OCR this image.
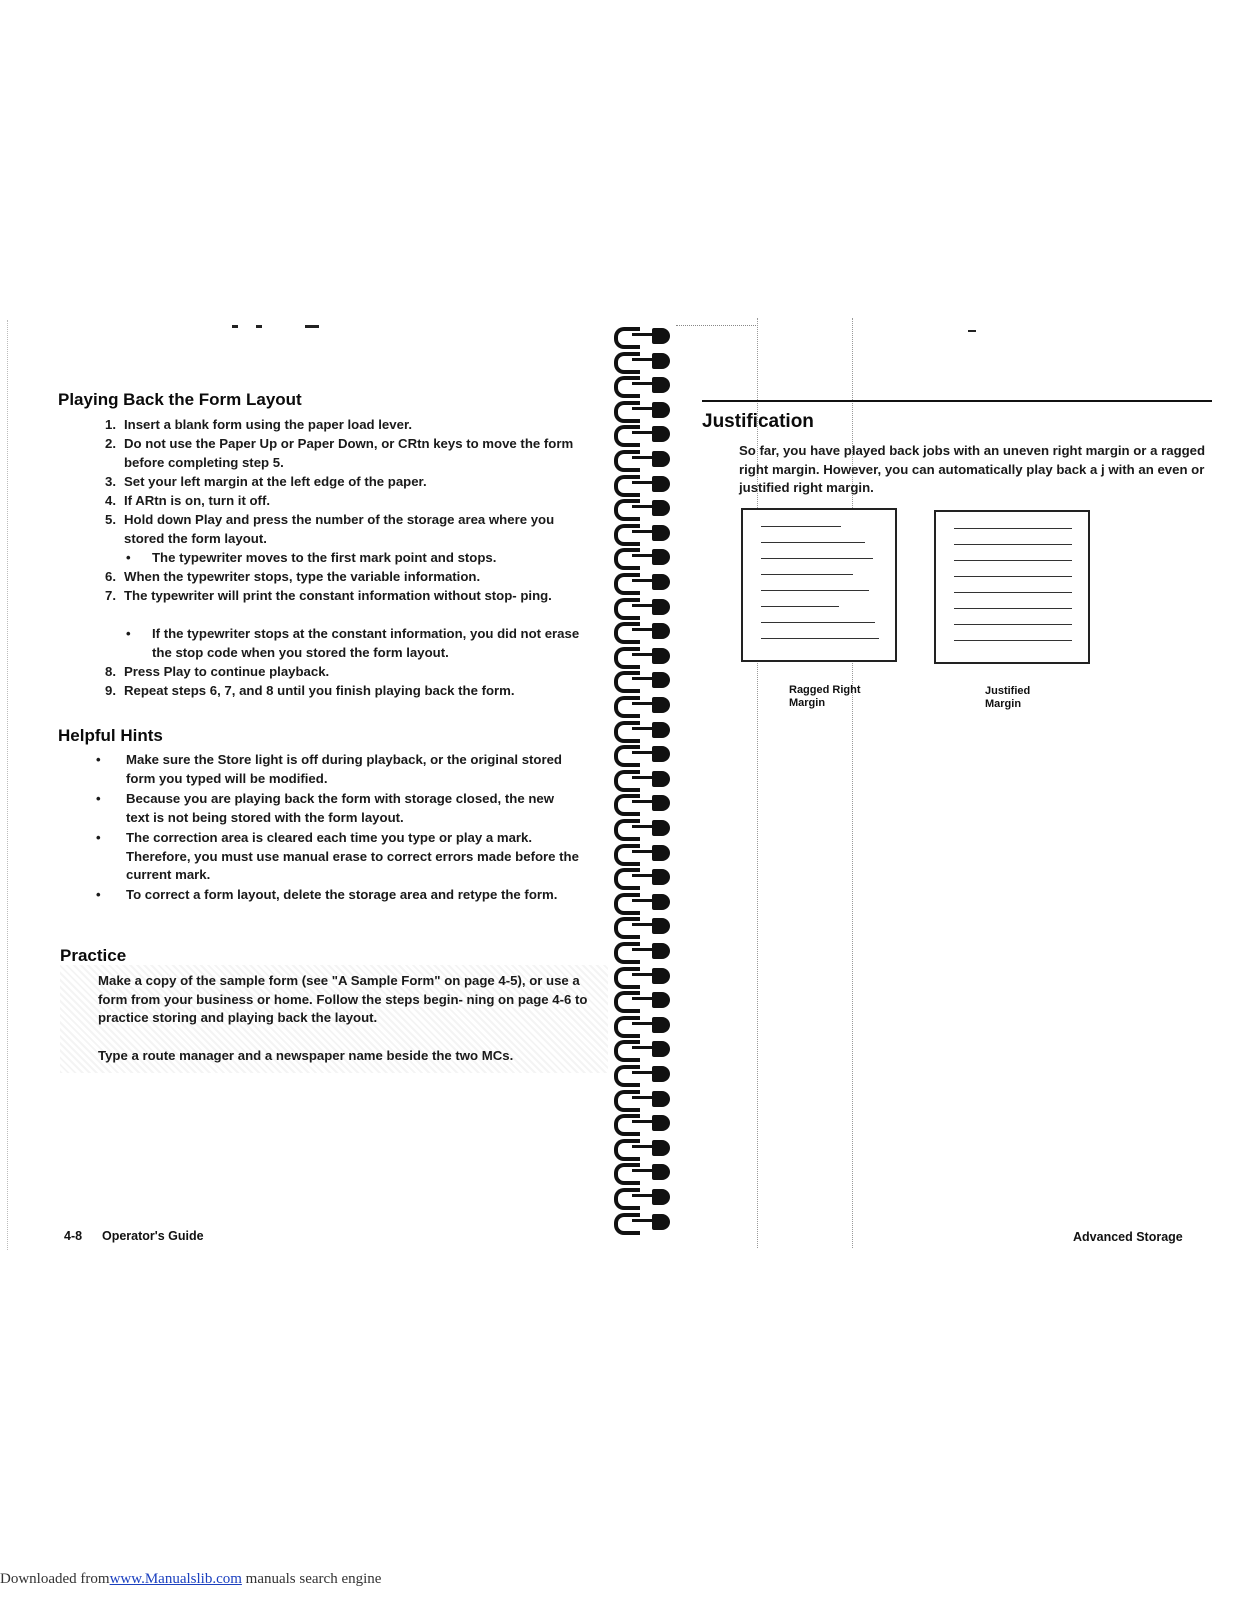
Playing Back the Form Layout
1. Insert a blank form using the paper load lever.
2. Do not use the Paper Up or Paper Down, or CRtn keys to move the form before completing step 5.
3. Set your left margin at the left edge of the paper.
4. If ARtn is on, turn it off.
5. Hold down Play and press the number of the storage area where you stored the form layout.
• The typewriter moves to the first mark point and stops.
6. When the typewriter stops, type the variable information.
7. The typewriter will print the constant information without stop- ping.
• If the typewriter stops at the constant information, you did not erase the stop code when you stored the form layout.
8. Press Play to continue playback.
9. Repeat steps 6, 7, and 8 until you finish playing back the form.
Helpful Hints
• Make sure the Store light is off during playback, or the original stored form you typed will be modified.
• Because you are playing back the form with storage closed, the new text is not being stored with the form layout.
• The correction area is cleared each time you type or play a mark. Therefore, you must use manual erase to correct errors made before the current mark.
• To correct a form layout, delete the storage area and retype the form.
Practice
Make a copy of the sample form (see "A Sample Form" on page 4-5), or use a form from your business or home. Follow the steps begin- ning on page 4-6 to practice storing and playing back the layout.
Type a route manager and a newspaper name beside the two MCs.
4-8 Operator's Guide
Justification
So far, you have played back jobs with an uneven right margin or a ragged right margin. However, you can automatically play back a j with an even or justified right margin.
Ragged Right Margin
Justified Margin
Advanced Storage
Downloaded fromwww.Manualslib.com manuals search engine
